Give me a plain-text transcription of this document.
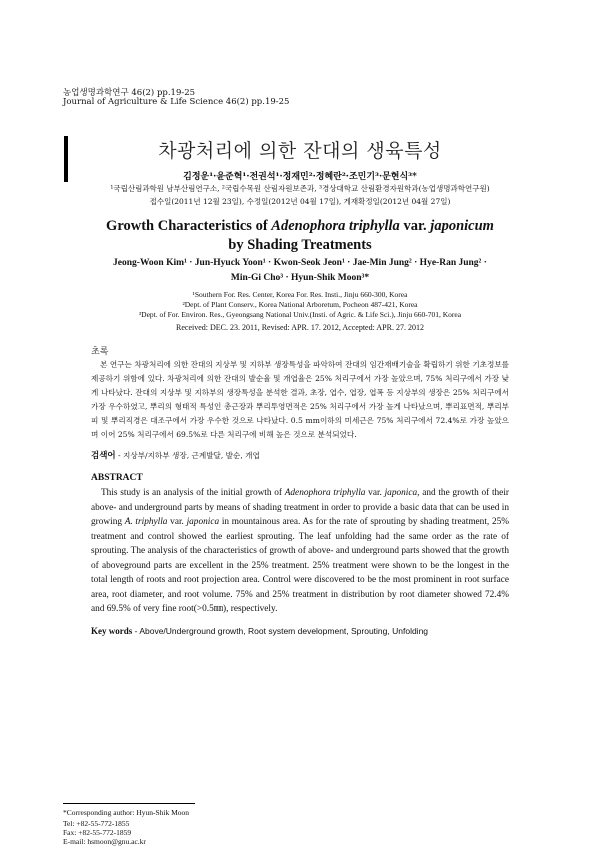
농업생명과학연구 46(2) pp.19-25
Journal of Agriculture & Life Science 46(2) pp.19-25
차광처리에 의한 잔대의 생육특성
김정운¹·윤준혁¹·전권석¹·정재민²·정혜란²·조민기³·문현식³*
¹국립산림과학원 남부산림연구소, ²국립수목원 산림자원보존과, ³경상대학교 산림환경자원학과(농업생명과학연구원)
접수일(2011년 12월 23일), 수정일(2012년 04월 17일), 게재확정일(2012년 04월 27일)
Growth Characteristics of Adenophora triphylla var. japonicum
by Shading Treatments
Jeong-Woon Kim¹ · Jun-Hyuck Yoon¹ · Kwon-Seok Jeon¹ · Jae-Min Jung² · Hye-Ran Jung² ·
Min-Gi Cho³ · Hyun-Shik Moon³*
¹Southern For. Res. Center, Korea For. Res. Insti., Jinju 660-300, Korea
²Dept. of Plant Conserv., Korea National Arboretum, Pocheon 487-421, Korea
³Dept. of For. Environ. Res., Gyeongsang National Univ.(Insti. of Agric. & Life Sci.), Jinju 660-701, Korea
Received: DEC. 23. 2011, Revised: APR. 17. 2012, Accepted: APR. 27. 2012
초록

본 연구는 차광처리에 의한 잔대의 지상부 및 지하부 생장특성을 파악하여 잔대의 임간재배기술을 확립하기 위한 기초정보를 제공하기 위함에 있다. 차광처리에 의한 잔대의 발순율 및 개엽율은 25% 처리구에서 가장 높았으며, 75% 처리구에서 가장 낮게 나타났다. 잔대의 지상부 및 지하부의 생장특성을 분석한 결과, 초장, 엽수, 엽장, 엽폭 등 지상부의 생장은 25% 처리구에서 가장 우수하였고, 뿌리의 형태적 특성인 총근장과 뿌리투영면적은 25% 처리구에서 가장 높게 나타났으며, 뿌리표면적, 뿌리부피 및 뿌리직경은 대조구에서 가장 우수한 것으로 나타났다. 0.5 mm이하의 미세근은 75% 처리구에서 72.4%로 가장 높았으며 이어 25% 처리구에서 69.5%로 다른 처리구에 비해 높은 것으로 분석되었다.

검색어 - 지상부/지하부 생장, 근계발달, 발순, 개엽
ABSTRACT

This study is an analysis of the initial growth of Adenophora triphylla var. japonica, and the growth of their above- and underground parts by means of shading treatment in order to provide a basic data that can be used in growing A. triphylla var. japonica in mountainous area. As for the rate of sprouting by shading treatment, 25% treatment and control showed the earliest sprouting. The leaf unfolding had the same order as the rate of sprouting. The analysis of the characteristics of growth of above- and underground parts showed that the growth of aboveground parts are excellent in the 25% treatment. 25% treatment were shown to be the longest in the total length of roots and root projection area. Control were discovered to be the most prominent in root surface area, root diameter, and root volume. 75% and 25% treatment in distribution by root diameter showed 72.4% and 69.5% of very fine root(>0.5㎜), respectively.

Key words - Above/Underground growth, Root system development, Sprouting, Unfolding
*Corresponding author: Hyun-Shik Moon
Tel: +82-55-772-1855
Fax: +82-55-772-1859
E-mail: hsmoon@gnu.ac.kr
